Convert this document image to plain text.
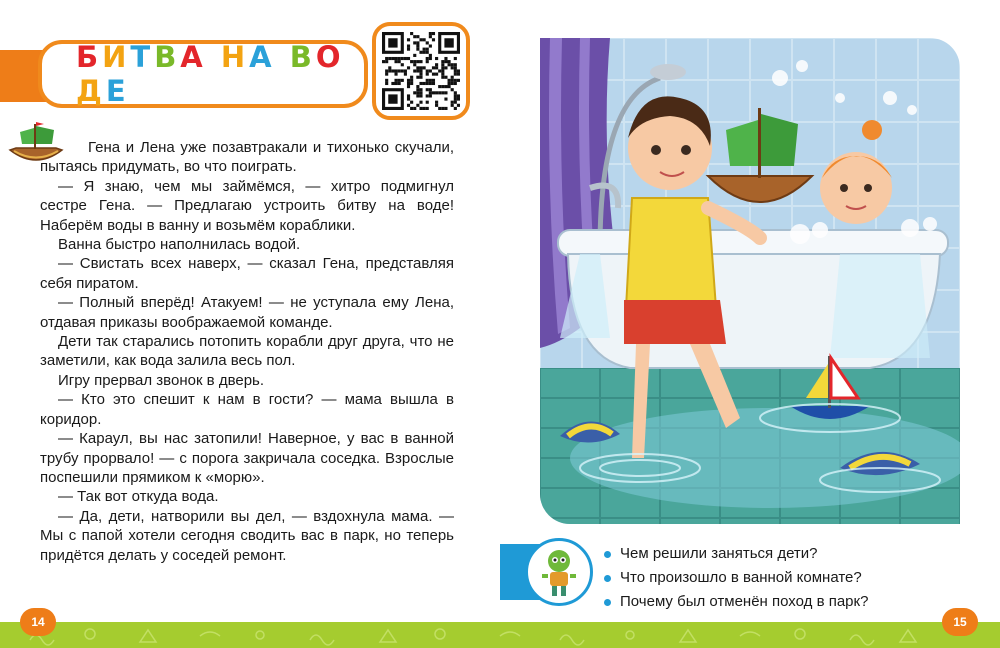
БИТВА НА ВОДЕ

Гена и Лена уже позавтракали и тихонько скучали, пытаясь придумать, во что поиграть.

— Я знаю, чем мы займёмся, — хитро подмигнул сестре Гена. — Предлагаю устроить битву на воде! Наберём воды в ванну и возьмём кораблики.

Ванна быстро наполнилась водой.

— Свистать всех наверх, — сказал Гена, представляя себя пиратом.

— Полный вперёд! Атакуем! — не уступала ему Лена, отдавая приказы воображаемой команде.

Дети так старались потопить корабли друг друга, что не заметили, как вода залила весь пол.

Игру прервал звонок в дверь.

— Кто это спешит к нам в гости? — мама вышла в коридор.

— Караул, вы нас затопили! Наверное, у вас в ванной трубу прорвало! — с порога закричала соседка. Взрослые поспешили прямиком к «морю».

— Так вот откуда вода.

— Да, дети, натворили вы дел, — вздохнула мама. — Мы с папой хотели сегодня сводить вас в парк, но теперь придётся делать у соседей ремонт.	Чем решили заняться дети?
Что произошло в ванной комнате?
Почему был отменён поход в парк?
14	15
